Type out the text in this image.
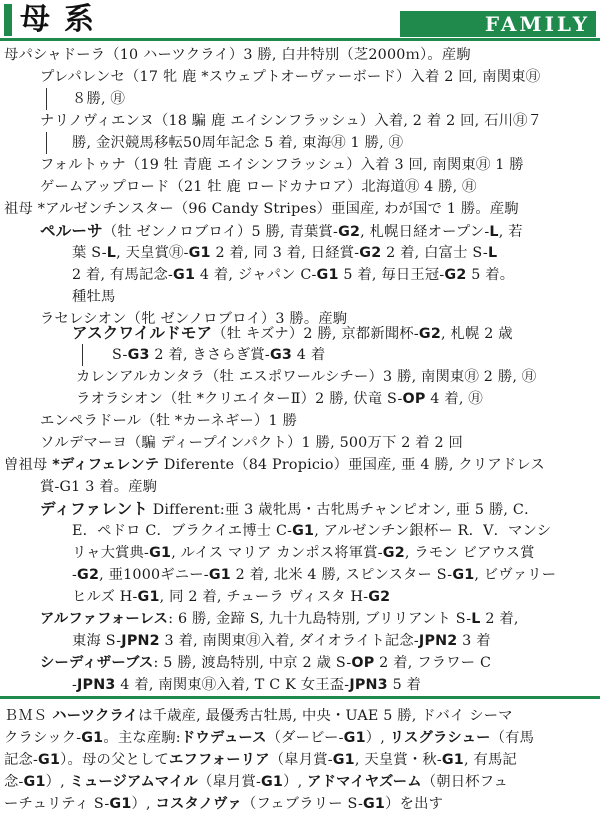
母系	FAMILY
母パシャドーラ（10 ハーツクライ）3 勝, 白井特別（芝2000ｍ）。産駒
プレパレンセ（17 牝 鹿 *スウェプトオーヴァーボード）入着 2 回, 南関東㊊
８勝, ㊊
ナリノヴィエンヌ（18 騙 鹿 エイシンフラッシュ）入着, 2 着 2 回, 石川㊊７
勝, 金沢競馬移転50周年記念 5 着, 東海㊊ 1 勝, ㊊
フォルトゥナ（19 牡 青鹿 エイシンフラッシュ）入着 3 回, 南関東㊊ 1 勝
ゲームアップロード（21 牡 鹿 ロードカナロア）北海道㊊ 4 勝, ㊊
祖母 *アルゼンチンスター（96 Candy Stripes）亜国産, わが国で 1 勝。産駒
ペルーサ（牡 ゼンノロブロイ）5 勝, 青葉賞-G2, 札幌日経オープン-L, 若
葉 S-L, 天皇賞㊊-G1 2 着, 同 3 着, 日経賞-G2 2 着, 白富士 S-L
2 着, 有馬記念-G1 4 着, ジャパン C-G1 5 着, 毎日王冠-G2 5 着。
種牡馬
ラセレシオン（牝 ゼンノロブロイ）3 勝。産駒
アスクワイルドモア（牡 キズナ）2 勝, 京都新聞杯-G2, 札幌 2 歳
S-G3 2 着, きさらぎ賞-G3 4 着
カレンアルカンタラ（牡 エスポワールシチー）3 勝, 南関東㊊ 2 勝, ㊊
ラオラシオン（牡 *クリエイターⅡ）2 勝, 伏竜 S-OP 4 着, ㊊
エンペラドール（牡 *カーネギー）1 勝
ソルデマーヨ（騙 ディープインパクト）1 勝, 500万下 2 着 2 回
曽祖母 *ディフェレンテ Diferente（84 Propicio）亜国産, 亜 4 勝, クリアドレス
賞-G1 3 着。産駒
ディファレント Different:亜 3 歳牝馬・古牝馬チャンピオン, 亜 5 勝, C．
E．ペドロ C．ブラクイエ博士 C-G1, アルゼンチン銀杯ー R．V．マンシ
リャ大賞典-G1, ルイス マリア カンポス将軍賞-G2, ラモン ビアウス賞
-G2, 亜1000ギニー-G1 2 着, 北米 4 勝, スピンスター S-G1, ビヴァリー
ヒルズ H-G1, 同 2 着, チューラ ヴィスタ H-G2
アルファフォーレス: 6 勝, 金蹄 S, 九十九島特別, ブリリアント S-L 2 着,
東海 S-JPN2 3 着, 南関東㊊入着, ダイオライト記念-JPN2 3 着
シーディザーブス: 5 勝, 渡島特別, 中京 2 歳 S-OP 2 着, フラワー C
-JPN3 4 着, 南関東㊊入着, T C K 女王盃-JPN3 5 着
ＢＭＳ ハーツクライは千歳産, 最優秀古牡馬, 中央・UAE 5 勝, ドバイ シーマ
クラシック-G1。主な産駒:ドウデュース（ダービー-G1）, リスグラシュー（有馬
記念-G1）。母の父としてエフフォーリア（皐月賞-G1, 天皇賞・秋-G1, 有馬記
念-G1）, ミュージアムマイル（皐月賞-G1）, アドマイヤズーム（朝日杯フュ
ーチュリティ S-G1）, コスタノヴァ（フェブラリー S-G1）を出す
